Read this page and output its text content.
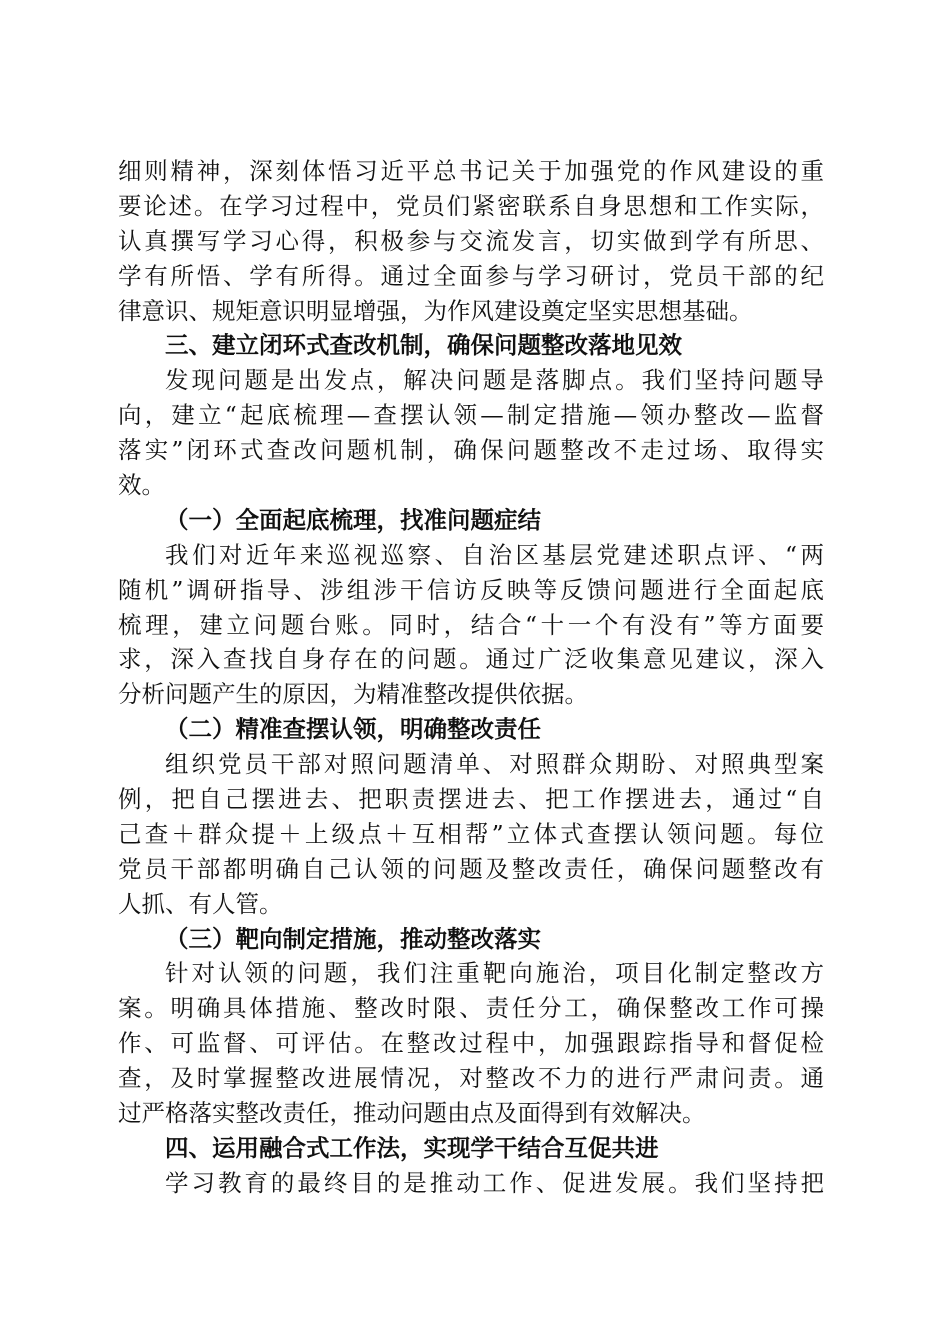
细则精神，深刻体悟习近平总书记关于加强党的作风建设的重
要论述。在学习过程中，党员们紧密联系自身思想和工作实际，
认真撰写学习心得，积极参与交流发言，切实做到学有所思、
学有所悟、学有所得。通过全面参与学习研讨，党员干部的纪
律意识、规矩意识明显增强，为作风建设奠定坚实思想基础。
三、建立闭环式查改机制，确保问题整改落地见效
发现问题是出发点，解决问题是落脚点。我们坚持问题导
向，建立“起底梳理—查摆认领—制定措施—领办整改—监督
落实”闭环式查改问题机制，确保问题整改不走过场、取得实
效。
（一）全面起底梳理，找准问题症结
我们对近年来巡视巡察、自治区基层党建述职点评、“两
随机”调研指导、涉组涉干信访反映等反馈问题进行全面起底
梳理，建立问题台账。同时，结合“十一个有没有”等方面要
求，深入查找自身存在的问题。通过广泛收集意见建议，深入
分析问题产生的原因，为精准整改提供依据。
（二）精准查摆认领，明确整改责任
组织党员干部对照问题清单、对照群众期盼、对照典型案
例，把自己摆进去、把职责摆进去、把工作摆进去，通过“自
己查＋群众提＋上级点＋互相帮”立体式查摆认领问题。每位
党员干部都明确自己认领的问题及整改责任，确保问题整改有
人抓、有人管。
（三）靶向制定措施，推动整改落实
针对认领的问题，我们注重靶向施治，项目化制定整改方
案。明确具体措施、整改时限、责任分工，确保整改工作可操
作、可监督、可评估。在整改过程中，加强跟踪指导和督促检
查，及时掌握整改进展情况，对整改不力的进行严肃问责。通
过严格落实整改责任，推动问题由点及面得到有效解决。
四、运用融合式工作法，实现学干结合互促共进
学习教育的最终目的是推动工作、促进发展。我们坚持把
